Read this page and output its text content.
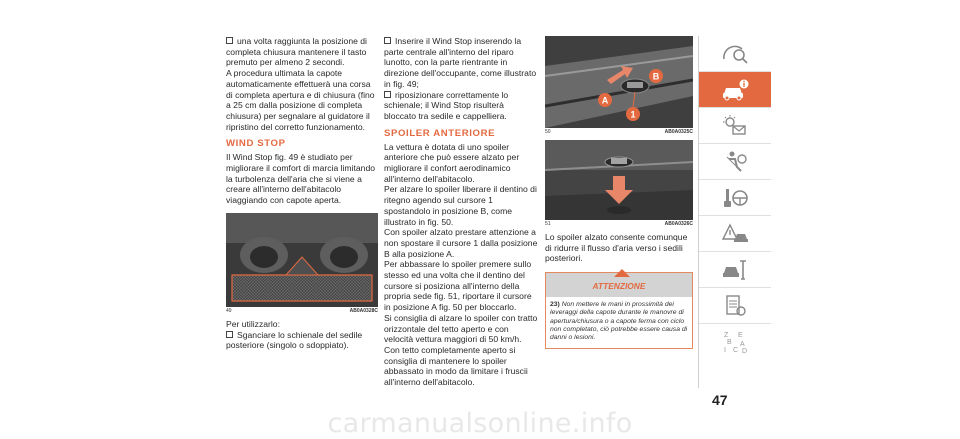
una volta raggiunta la posizione di completa chiusura mantenere il tasto premuto per almeno 2 secondi.

A procedura ultimata la capote automaticamente effettuerà una corsa di completa apertura e di chiusura (fino a 25 cm dalla posizione di completa chiusura) per segnalare al guidatore il ripristino del corretto funzionamento.

WIND STOP

Il Wind Stop fig. 49 è studiato per migliorare il comfort di marcia limitando la turbolenza dell'aria che si viene a creare all'interno dell'abitacolo viaggiando con capote aperta.

49	AB0A0328C

Per utilizzarlo:

Sganciare lo schienale del sedile posteriore (singolo o sdoppiato).

Inserire il Wind Stop inserendo la parte centrale all'interno del riparo lunotto, con la parte rientrante in direzione dell'occupante, come illustrato in fig. 49;

riposizionare correttamente lo schienale; il Wind Stop risulterà bloccato tra sedile e cappelliera.

SPOILER ANTERIORE

La vettura è dotata di uno spoiler anteriore che può essere alzato per migliorare il confort aerodinamico all'interno dell'abitacolo.

Per alzare lo spoiler liberare il dentino di ritegno agendo sul cursore 1 spostandolo in posizione B, come illustrato in fig. 50.

Con spoiler alzato prestare attenzione a non spostare il cursore 1 dalla posizione B alla posizione A.

Per abbassare lo spoiler premere sullo stesso ed una volta che il dentino del cursore si posiziona all'interno della propria sede fig. 51, riportare il cursore in posizione A fig. 50 per bloccarlo.

Si consiglia di alzare lo spoiler con tratto orizzontale del tetto aperto e con velocità vettura maggiori di 50 km/h.

Con tetto completamente aperto si consiglia di mantenere lo spoiler abbassato in modo da limitare i fruscii all'interno dell'abitacolo.

A
B
1
50	AB0A0325C
51	AB0A0326C

Lo spoiler alzato consente comunque di ridurre il flusso d'aria verso i sedili posteriori.

ATTENZIONE
23) Non mettere le mani in prossimità dei leveraggi della capote durante le manovre di apertura/chiusura o a capote ferma con ciclo non completato, ciò potrebbe essere causa di danni o lesioni.	Z E
B A
I C D
47
carmanualsonline.info
